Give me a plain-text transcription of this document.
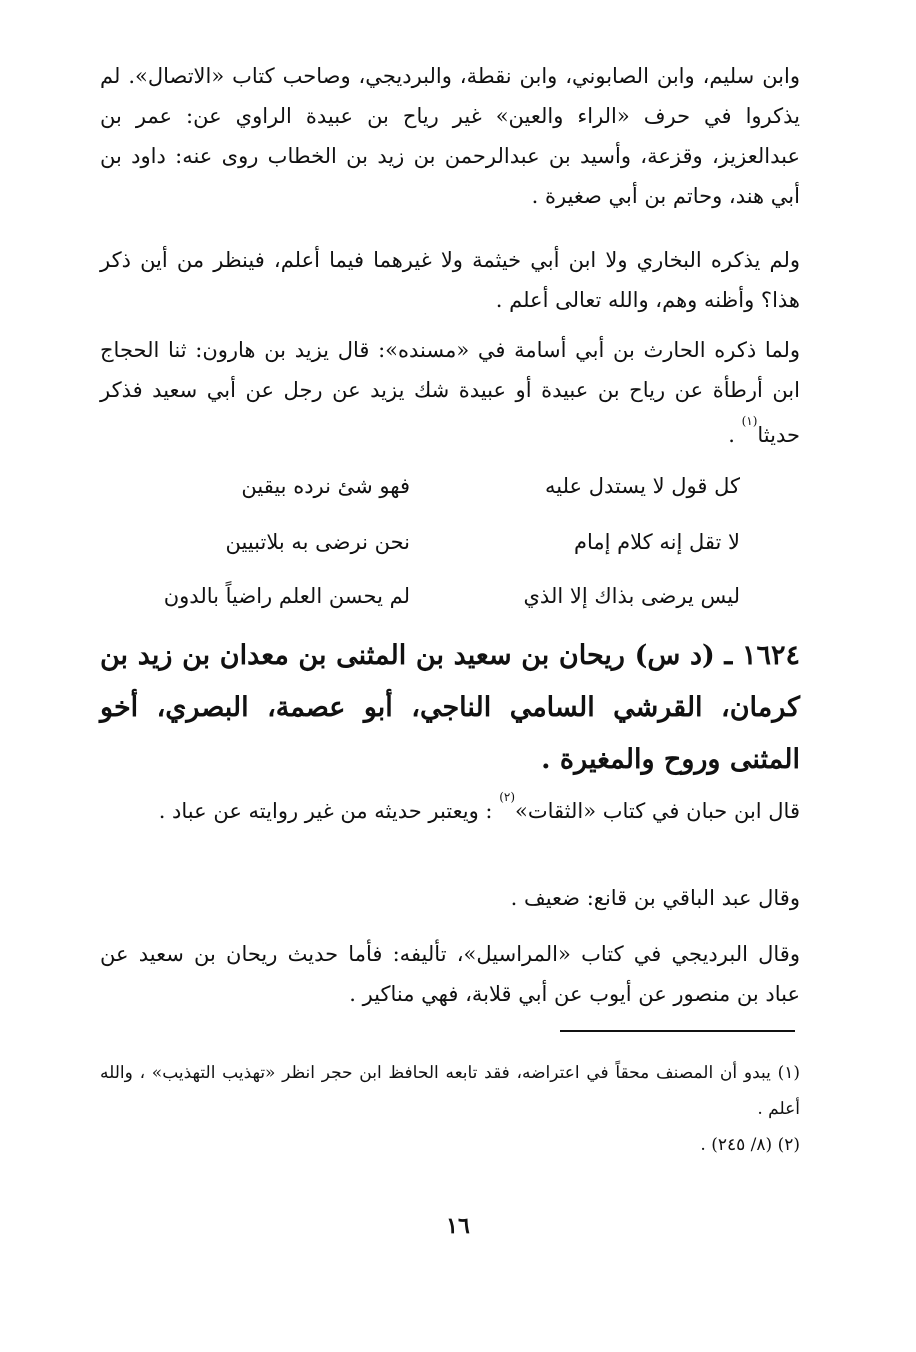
وابن سليم، وابن الصابوني، وابن نقطة، والبرديجي، وصاحب كتاب «الاتصال». لم يذكروا في حرف «الراء والعين» غير رياح بن عبيدة الراوي عن: عمر بن عبدالعزيز، وقزعة، وأسيد بن عبدالرحمن بن زيد بن الخطاب روى عنه: داود بن أبي هند، وحاتم بن أبي صغيرة .
ولم يذكره البخاري ولا ابن أبي خيثمة ولا غيرهما فيما أعلم، فينظر من أين ذكر هذا؟ وأظنه وهم، والله تعالى أعلم .
ولما ذكره الحارث بن أبي أسامة في «مسنده»: قال يزيد بن هارون: ثنا الحجاج ابن أرطأة عن رياح بن عبيدة أو عبيدة شك يزيد عن رجل عن أبي سعيد فذكر حديثا$^{(١)}$ .
كل قول لا يستدل عليه
فهو شئ نرده بيقين
لا تقل إنه كلام إمام
نحن نرضى به بلاتبيين
ليس يرضى بذاك إلا الذي
لم يحسن العلم راضياً بالدون
١٦٢٤ ـ (د س) ريحان بن سعيد بن المثنى بن معدان بن زيد بن كرمان، القرشي السامي الناجي، أبو عصمة، البصري، أخو المثنى وروح والمغيرة .
قال ابن حبان في كتاب «الثقات»$^{(٢)}$ : ويعتبر حديثه من غير روايته عن عباد .
وقال عبد الباقي بن قانع: ضعيف .
وقال البرديجي في كتاب «المراسيل»، تأليفه: فأما حديث ريحان بن سعيد عن عباد بن منصور عن أيوب عن أبي قلابة، فهي مناكير .
(١) يبدو أن المصنف محقاً في اعتراضه، فقد تابعه الحافظ ابن حجر انظر «تهذيب التهذيب» ، والله أعلم .
(٢) (٨/ ٢٤٥) .
١٦
